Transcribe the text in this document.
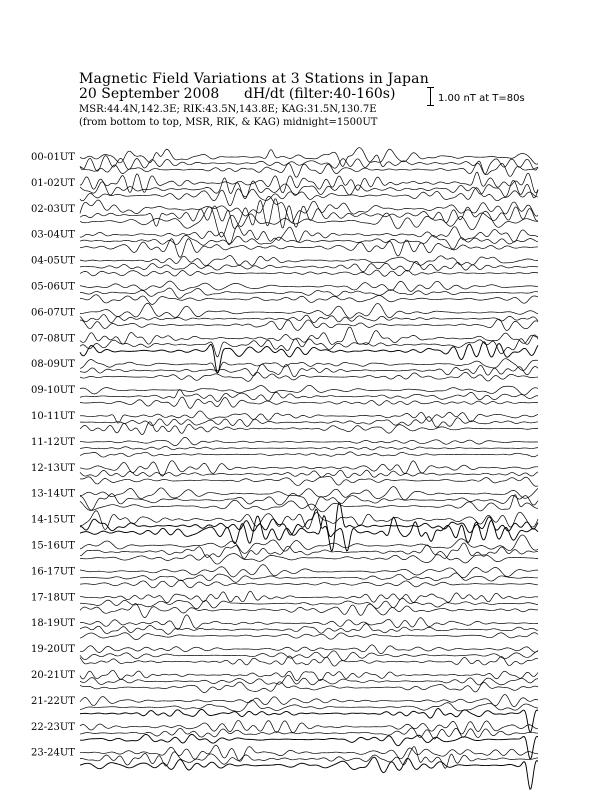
Magnetic Field Variations at 3 Stations in Japan
20 September 2008 dH/dt (filter:40-160s)
MSR:44.4N,142.3E; RIK:43.5N,143.8E; KAG:31.5N,130.7E
(from bottom to top, MSR, RIK, & KAG) midnight=1500UT
1.00 nT at T=80s
00-01UT
01-02UT
02-03UT
03-04UT
04-05UT
05-06UT
06-07UT
07-08UT
08-09UT
09-10UT
10-11UT
11-12UT
12-13UT
13-14UT
14-15UT
15-16UT
16-17UT
17-18UT
18-19UT
19-20UT
20-21UT
21-22UT
22-23UT
23-24UT
